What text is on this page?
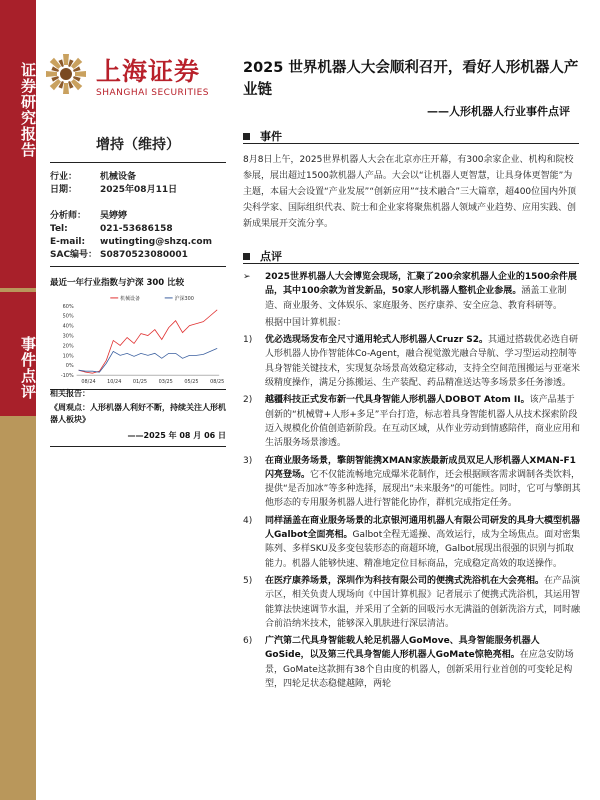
证券研究报告
事件点评
上海证券
SHANGHAI SECURITIES
2025 世界机器人大会顺利召开，看好人形机器人产业链
——人形机器人行业事件点评
增持（维持）
行业：	机械设备
日期：	2025年08月11日
分析师： 吴婷婷
Tel:	021-53686158
E-mail: wutingting@shzq.com
SAC编号： S0870523080001
最近一年行业指数与沪深 300 比较
60%
50%
40%
30%
20%
10%
0%
-10%
08/24 10/24 01/25 03/25 05/25 08/25
机械设备	沪深300
相关报告：
《周观点：人形机器人利好不断，持续关注人形机器人板块》
——2025 年 08 月 06 日
事件
8月8日上午，2025世界机器人大会在北京亦庄开幕，有300余家企业、机构和院校参展，展出超过1500款机器人产品。大会以“让机器人更智慧，让具身体更智能”为主题，本届大会设置“产业发展”“创新应用”“技术融合”三大篇章，超400位国内外顶尖科学家、国际组织代表、院士和企业家将聚焦机器人领域产业趋势、应用实践、创新成果展开交流分享。
点评
➢	2025世界机器人大会博览会现场，汇聚了200余家机器人企业的1500余件展品，其中100余款为首发新品，50家人形机器人整机企业参展。涵盖工业制造、商业服务、文体娱乐、家庭服务、医疗康养、安全应急、教育科研等。
根据中国计算机报：
1)	优必选现场发布全尺寸通用轮式人形机器人Cruzr S2。其通过搭载优必选自研人形机器人协作智能体Co-Agent，融合视觉激光融合导航、学习型运动控制等具身智能关键技术，实现复杂场景高效稳定移动，支持全空间范围搬运与亚毫米级精度操作，满足分拣搬运、生产装配、药品精准送达等多场景多任务渗透。
2)	越疆科技正式发布新一代具身智能人形机器人DOBOT Atom II。该产品基于创新的“机械臂+人形+多足”平台打造，标志着具身智能机器人从技术探索阶段迈入规模化价值创造新阶段。在互动区域，从作业劳动到情感陪伴，商业应用和生活服务场景渗透。
3)	在商业服务场景，擎朗智能携XMAN家族最新成员双足人形机器人XMAN-F1闪亮登场。它不仅能流畅地完成爆米花制作，还会根据顾客需求调制各类饮料，提供“是否加冰”等多种选择，展现出“未来服务”的可能性。同时，它可与擎朗其他形态的专用服务机器人进行智能化协作，群机完成指定任务。
4)	同样涵盖在商业服务场景的北京银河通用机器人有限公司研发的具身大模型机器人Galbot全面亮相。Galbot全程无遥操、高效运行，成为全场焦点。面对密集陈列、多样SKU及多变包装形态的商超环境，Galbot展现出很强的识别与抓取能力。机器人能够快速、精准地定位目标商品，完成稳定高效的取送操作。
5)	在医疗康养场景，深圳作为科技有限公司的便携式洗浴机在大会亮相。在产品演示区，相关负责人现场向《中国计算机报》记者展示了便携式洗浴机，其运用智能算法快速调节水温，并采用了全新的回吸污水无满溢的创新洗浴方式，同时融合前沿纳米技术，能够深入肌肤进行深层清洁。
6)	广汽第二代具身智能载人轮足机器人GoMove、具身智能服务机器人GoSide，以及第三代具身智能人形机器人GoMate惊艳亮相。在应急安防场景，GoMate这款拥有38个自由度的机器人，创新采用行业首创的可变轮足构型，四轮足状态稳健越障，两轮
